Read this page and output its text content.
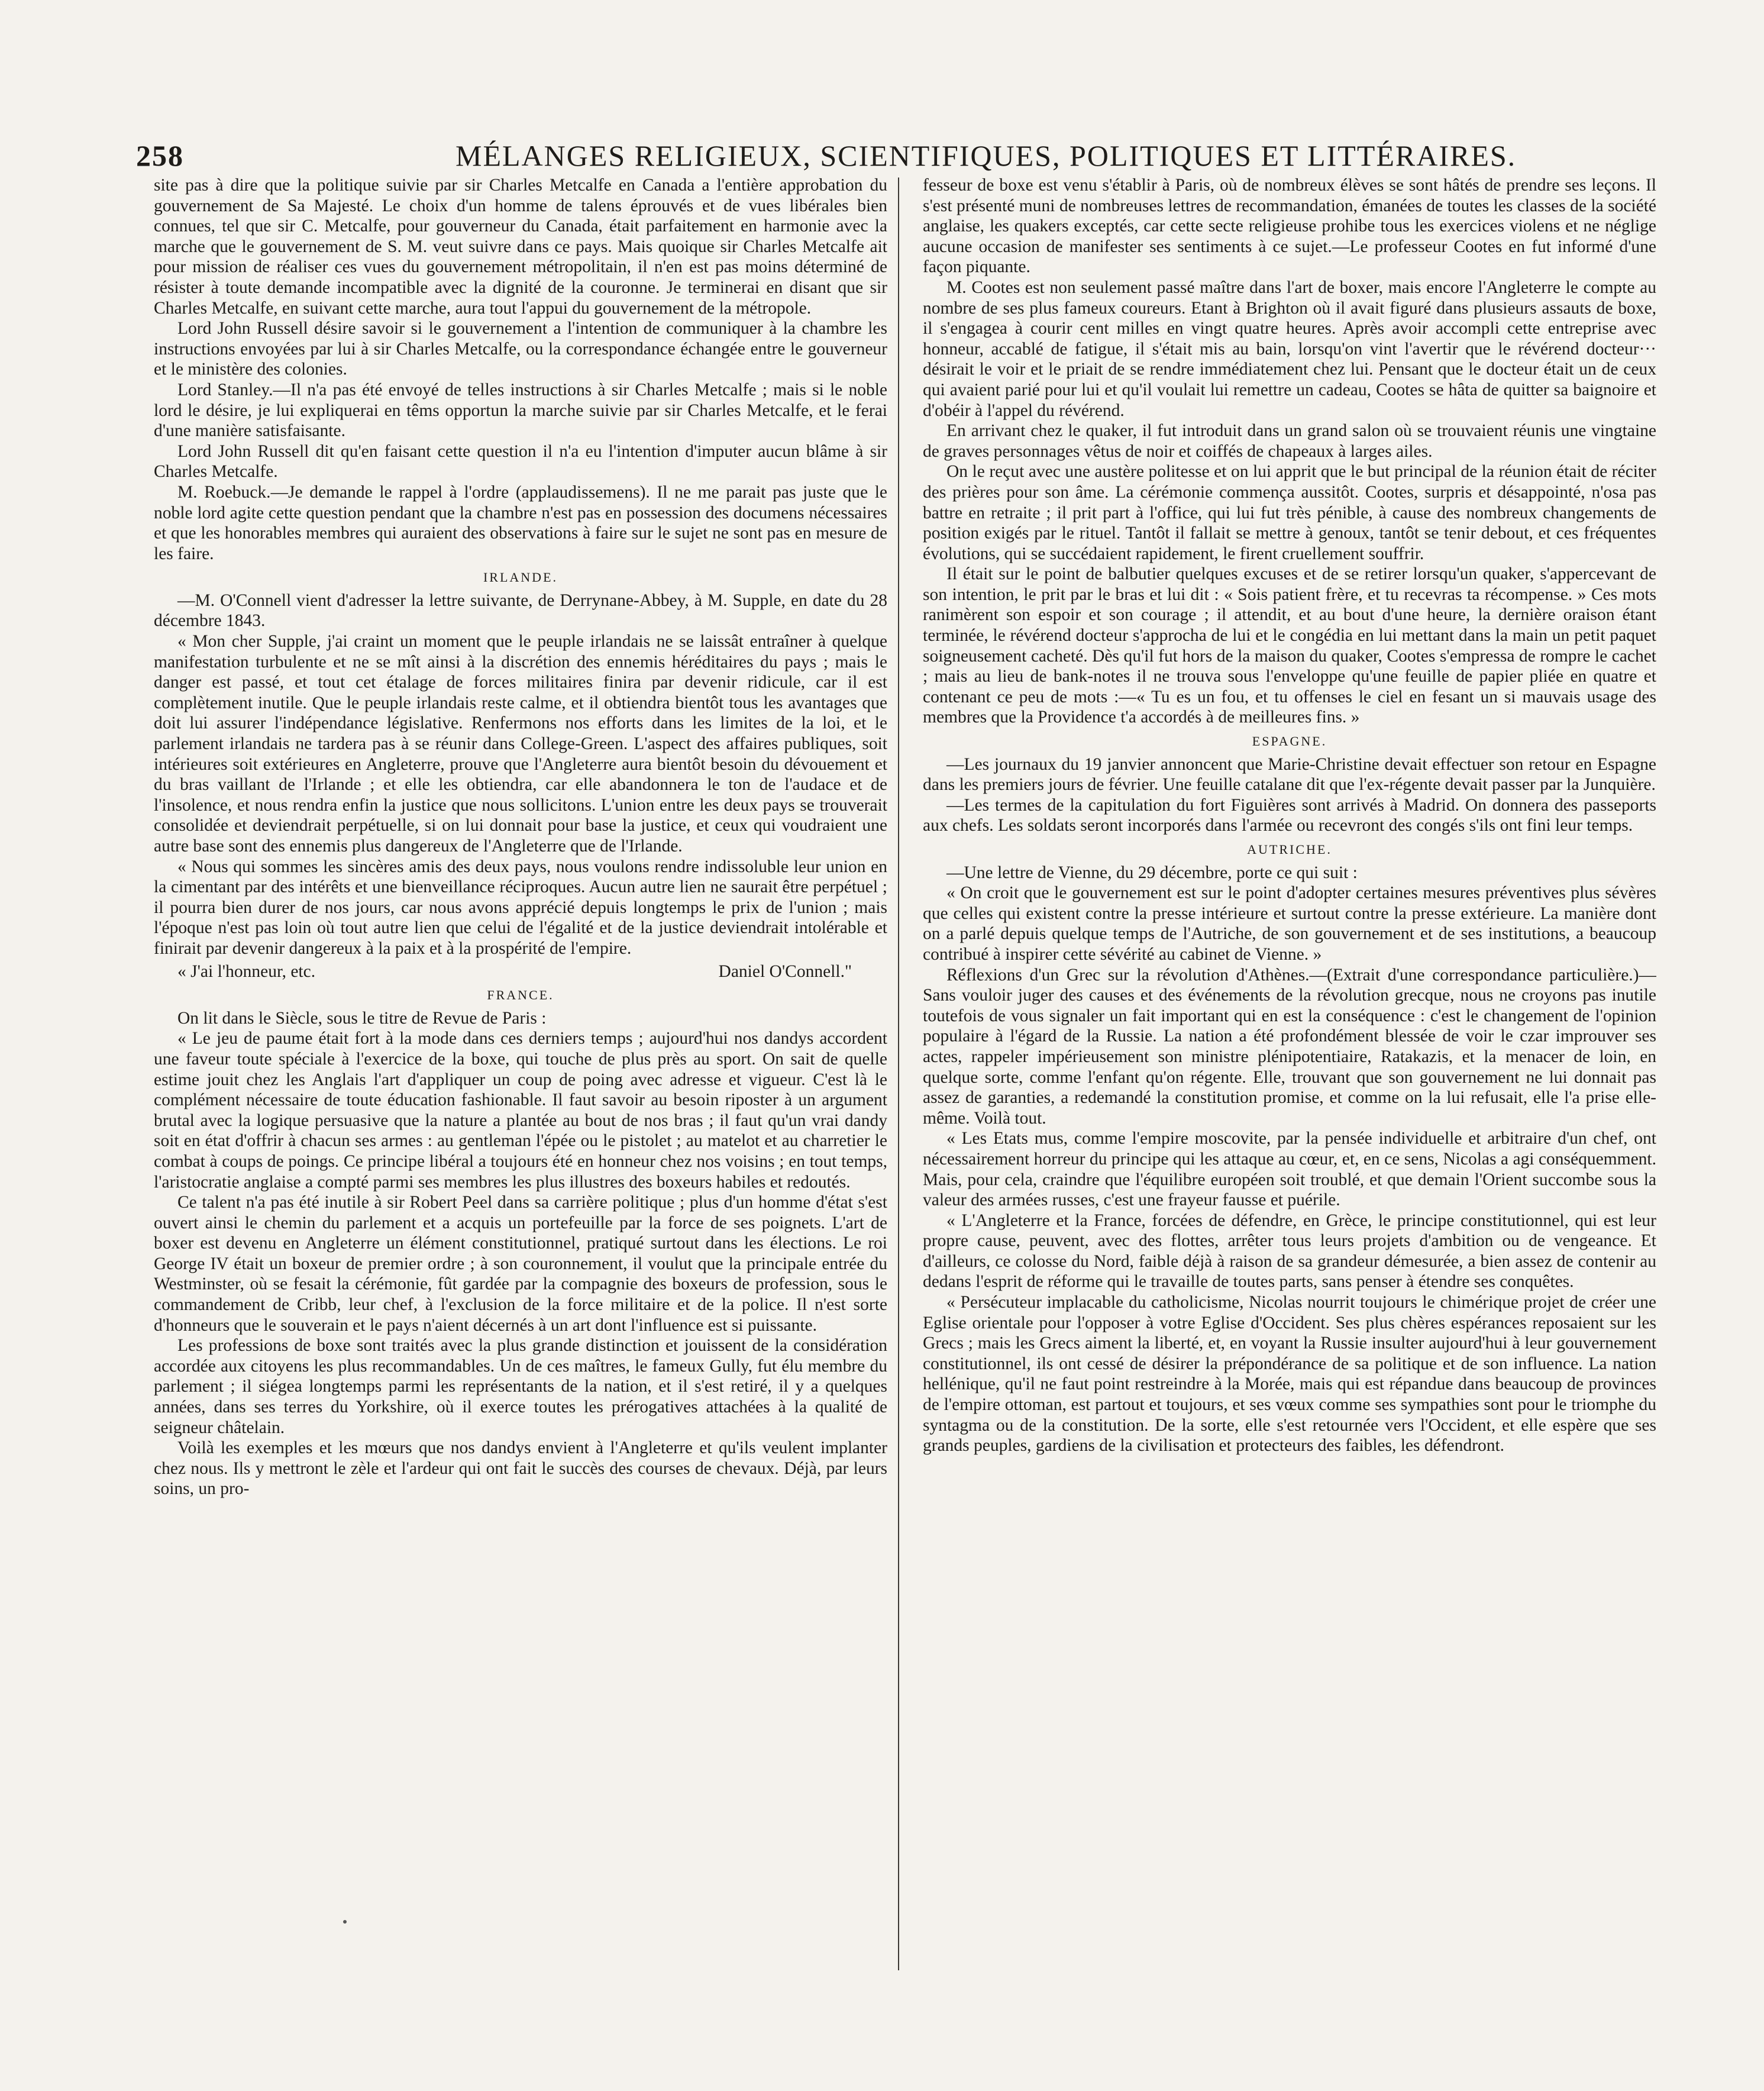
258	MÉLANGES RELIGIEUX, SCIENTIFIQUES, POLITIQUES ET LITTÉRAIRES.

site pas à dire que la politique suivie par sir Charles Metcalfe en Canada a l'entière approbation du gouvernement de Sa Majesté. Le choix d'un homme de talens éprouvés et de vues libérales bien connues, tel que sir C. Metcalfe, pour gouverneur du Canada, était parfaitement en harmonie avec la marche que le gouvernement de S. M. veut suivre dans ce pays. Mais quoique sir Charles Metcalfe ait pour mission de réaliser ces vues du gouvernement métropolitain, il n'en est pas moins déterminé de résister à toute demande incompatible avec la dignité de la couronne. Je terminerai en disant que sir Charles Metcalfe, en suivant cette marche, aura tout l'appui du gouvernement de la métropole.

Lord John Russell désire savoir si le gouvernement a l'intention de communiquer à la chambre les instructions envoyées par lui à sir Charles Metcalfe, ou la correspondance échangée entre le gouverneur et le ministère des colonies.

Lord Stanley.—Il n'a pas été envoyé de telles instructions à sir Charles Metcalfe ; mais si le noble lord le désire, je lui expliquerai en têms opportun la marche suivie par sir Charles Metcalfe, et le ferai d'une manière satisfaisante.

Lord John Russell dit qu'en faisant cette question il n'a eu l'intention d'imputer aucun blâme à sir Charles Metcalfe.

M. Roebuck.—Je demande le rappel à l'ordre (applaudissemens). Il ne me parait pas juste que le noble lord agite cette question pendant que la chambre n'est pas en possession des documens nécessaires et que les honorables membres qui auraient des observations à faire sur le sujet ne sont pas en mesure de les faire.

IRLANDE.

—M. O'Connell vient d'adresser la lettre suivante, de Derrynane-Abbey, à M. Supple, en date du 28 décembre 1843.

« Mon cher Supple, j'ai craint un moment que le peuple irlandais ne se laissât entraîner à quelque manifestation turbulente et ne se mît ainsi à la discrétion des ennemis héréditaires du pays ; mais le danger est passé, et tout cet étalage de forces militaires finira par devenir ridicule, car il est complètement inutile. Que le peuple irlandais reste calme, et il obtiendra bientôt tous les avantages que doit lui assurer l'indépendance législative. Renfermons nos efforts dans les limites de la loi, et le parlement irlandais ne tardera pas à se réunir dans College-Green. L'aspect des affaires publiques, soit intérieures soit extérieures en Angleterre, prouve que l'Angleterre aura bientôt besoin du dévouement et du bras vaillant de l'Irlande ; et elle les obtiendra, car elle abandonnera le ton de l'audace et de l'insolence, et nous rendra enfin la justice que nous sollicitons. L'union entre les deux pays se trouverait consolidée et deviendrait perpétuelle, si on lui donnait pour base la justice, et ceux qui voudraient une autre base sont des ennemis plus dangereux de l'Angleterre que de l'Irlande.

« Nous qui sommes les sincères amis des deux pays, nous voulons rendre indissoluble leur union en la cimentant par des intérêts et une bienveillance réciproques. Aucun autre lien ne saurait être perpétuel ; il pourra bien durer de nos jours, car nous avons apprécié depuis longtemps le prix de l'union ; mais l'époque n'est pas loin où tout autre lien que celui de l'égalité et de la justice deviendrait intolérable et finirait par devenir dangereux à la paix et à la prospérité de l'empire.

« J'ai l'honneur, etc.	Daniel O'Connell."

FRANCE.

On lit dans le Siècle, sous le titre de Revue de Paris :

« Le jeu de paume était fort à la mode dans ces derniers temps ; aujourd'hui nos dandys accordent une faveur toute spéciale à l'exercice de la boxe, qui touche de plus près au sport. On sait de quelle estime jouit chez les Anglais l'art d'appliquer un coup de poing avec adresse et vigueur. C'est là le complément nécessaire de toute éducation fashionable. Il faut savoir au besoin riposter à un argument brutal avec la logique persuasive que la nature a plantée au bout de nos bras ; il faut qu'un vrai dandy soit en état d'offrir à chacun ses armes : au gentleman l'épée ou le pistolet ; au matelot et au charretier le combat à coups de poings. Ce principe libéral a toujours été en honneur chez nos voisins ; en tout temps, l'aristocratie anglaise a compté parmi ses membres les plus illustres des boxeurs habiles et redoutés.

Ce talent n'a pas été inutile à sir Robert Peel dans sa carrière politique ; plus d'un homme d'état s'est ouvert ainsi le chemin du parlement et a acquis un portefeuille par la force de ses poignets. L'art de boxer est devenu en Angleterre un élément constitutionnel, pratiqué surtout dans les élections. Le roi George IV était un boxeur de premier ordre ; à son couronnement, il voulut que la principale entrée du Westminster, où se fesait la cérémonie, fût gardée par la compagnie des boxeurs de profession, sous le commandement de Cribb, leur chef, à l'exclusion de la force militaire et de la police. Il n'est sorte d'honneurs que le souverain et le pays n'aient décernés à un art dont l'influence est si puissante.

Les professions de boxe sont traités avec la plus grande distinction et jouissent de la considération accordée aux citoyens les plus recommandables. Un de ces maîtres, le fameux Gully, fut élu membre du parlement ; il siégea longtemps parmi les représentants de la nation, et il s'est retiré, il y a quelques années, dans ses terres du Yorkshire, où il exerce toutes les prérogatives attachées à la qualité de seigneur châtelain.

Voilà les exemples et les mœurs que nos dandys envient à l'Angleterre et qu'ils veulent implanter chez nous. Ils y mettront le zèle et l'ardeur qui ont fait le succès des courses de chevaux. Déjà, par leurs soins, un pro-

fesseur de boxe est venu s'établir à Paris, où de nombreux élèves se sont hâtés de prendre ses leçons. Il s'est présenté muni de nombreuses lettres de recommandation, émanées de toutes les classes de la société anglaise, les quakers exceptés, car cette secte religieuse prohibe tous les exercices violens et ne néglige aucune occasion de manifester ses sentiments à ce sujet.—Le professeur Cootes en fut informé d'une façon piquante.

M. Cootes est non seulement passé maître dans l'art de boxer, mais encore l'Angleterre le compte au nombre de ses plus fameux coureurs. Etant à Brighton où il avait figuré dans plusieurs assauts de boxe, il s'engagea à courir cent milles en vingt quatre heures. Après avoir accompli cette entreprise avec honneur, accablé de fatigue, il s'était mis au bain, lorsqu'on vint l'avertir que le révérend docteur··· désirait le voir et le priait de se rendre immédiatement chez lui. Pensant que le docteur était un de ceux qui avaient parié pour lui et qu'il voulait lui remettre un cadeau, Cootes se hâta de quitter sa baignoire et d'obéir à l'appel du révérend.

En arrivant chez le quaker, il fut introduit dans un grand salon où se trouvaient réunis une vingtaine de graves personnages vêtus de noir et coiffés de chapeaux à larges ailes.

On le reçut avec une austère politesse et on lui apprit que le but principal de la réunion était de réciter des prières pour son âme. La cérémonie commença aussitôt. Cootes, surpris et désappointé, n'osa pas battre en retraite ; il prit part à l'office, qui lui fut très pénible, à cause des nombreux changements de position exigés par le rituel. Tantôt il fallait se mettre à genoux, tantôt se tenir debout, et ces fréquentes évolutions, qui se succédaient rapidement, le firent cruellement souffrir.

Il était sur le point de balbutier quelques excuses et de se retirer lorsqu'un quaker, s'appercevant de son intention, le prit par le bras et lui dit : « Sois patient frère, et tu recevras ta récompense. » Ces mots ranimèrent son espoir et son courage ; il attendit, et au bout d'une heure, la dernière oraison étant terminée, le révérend docteur s'approcha de lui et le congédia en lui mettant dans la main un petit paquet soigneusement cacheté. Dès qu'il fut hors de la maison du quaker, Cootes s'empressa de rompre le cachet ; mais au lieu de bank-notes il ne trouva sous l'enveloppe qu'une feuille de papier pliée en quatre et contenant ce peu de mots :—« Tu es un fou, et tu offenses le ciel en fesant un si mauvais usage des membres que la Providence t'a accordés à de meilleures fins. »

ESPAGNE.

—Les journaux du 19 janvier annoncent que Marie-Christine devait effectuer son retour en Espagne dans les premiers jours de février. Une feuille catalane dit que l'ex-régente devait passer par la Junquière.

—Les termes de la capitulation du fort Figuières sont arrivés à Madrid. On donnera des passeports aux chefs. Les soldats seront incorporés dans l'armée ou recevront des congés s'ils ont fini leur temps.

AUTRICHE.

—Une lettre de Vienne, du 29 décembre, porte ce qui suit :

« On croit que le gouvernement est sur le point d'adopter certaines mesures préventives plus sévères que celles qui existent contre la presse intérieure et surtout contre la presse extérieure. La manière dont on a parlé depuis quelque temps de l'Autriche, de son gouvernement et de ses institutions, a beaucoup contribué à inspirer cette sévérité au cabinet de Vienne. »

Réflexions d'un Grec sur la révolution d'Athènes.—(Extrait d'une correspondance particulière.)—Sans vouloir juger des causes et des événements de la révolution grecque, nous ne croyons pas inutile toutefois de vous signaler un fait important qui en est la conséquence : c'est le changement de l'opinion populaire à l'égard de la Russie. La nation a été profondément blessée de voir le czar improuver ses actes, rappeler impérieusement son ministre plénipotentiaire, Ratakazis, et la menacer de loin, en quelque sorte, comme l'enfant qu'on régente. Elle, trouvant que son gouvernement ne lui donnait pas assez de garanties, a redemandé la constitution promise, et comme on la lui refusait, elle l'a prise elle-même. Voilà tout.

« Les Etats mus, comme l'empire moscovite, par la pensée individuelle et arbitraire d'un chef, ont nécessairement horreur du principe qui les attaque au cœur, et, en ce sens, Nicolas a agi conséquemment. Mais, pour cela, craindre que l'équilibre européen soit troublé, et que demain l'Orient succombe sous la valeur des armées russes, c'est une frayeur fausse et puérile.

« L'Angleterre et la France, forcées de défendre, en Grèce, le principe constitutionnel, qui est leur propre cause, peuvent, avec des flottes, arrêter tous leurs projets d'ambition ou de vengeance. Et d'ailleurs, ce colosse du Nord, faible déjà à raison de sa grandeur démesurée, a bien assez de contenir au dedans l'esprit de réforme qui le travaille de toutes parts, sans penser à étendre ses conquêtes.

« Persécuteur implacable du catholicisme, Nicolas nourrit toujours le chimérique projet de créer une Eglise orientale pour l'opposer à votre Eglise d'Occident. Ses plus chères espérances reposaient sur les Grecs ; mais les Grecs aiment la liberté, et, en voyant la Russie insulter aujourd'hui à leur gouvernement constitutionnel, ils ont cessé de désirer la prépondérance de sa politique et de son influence. La nation hellénique, qu'il ne faut point restreindre à la Morée, mais qui est répandue dans beaucoup de provinces de l'empire ottoman, est partout et toujours, et ses vœux comme ses sympathies sont pour le triomphe du syntagma ou de la constitution. De la sorte, elle s'est retournée vers l'Occident, et elle espère que ses grands peuples, gardiens de la civilisation et protecteurs des faibles, les défendront.
